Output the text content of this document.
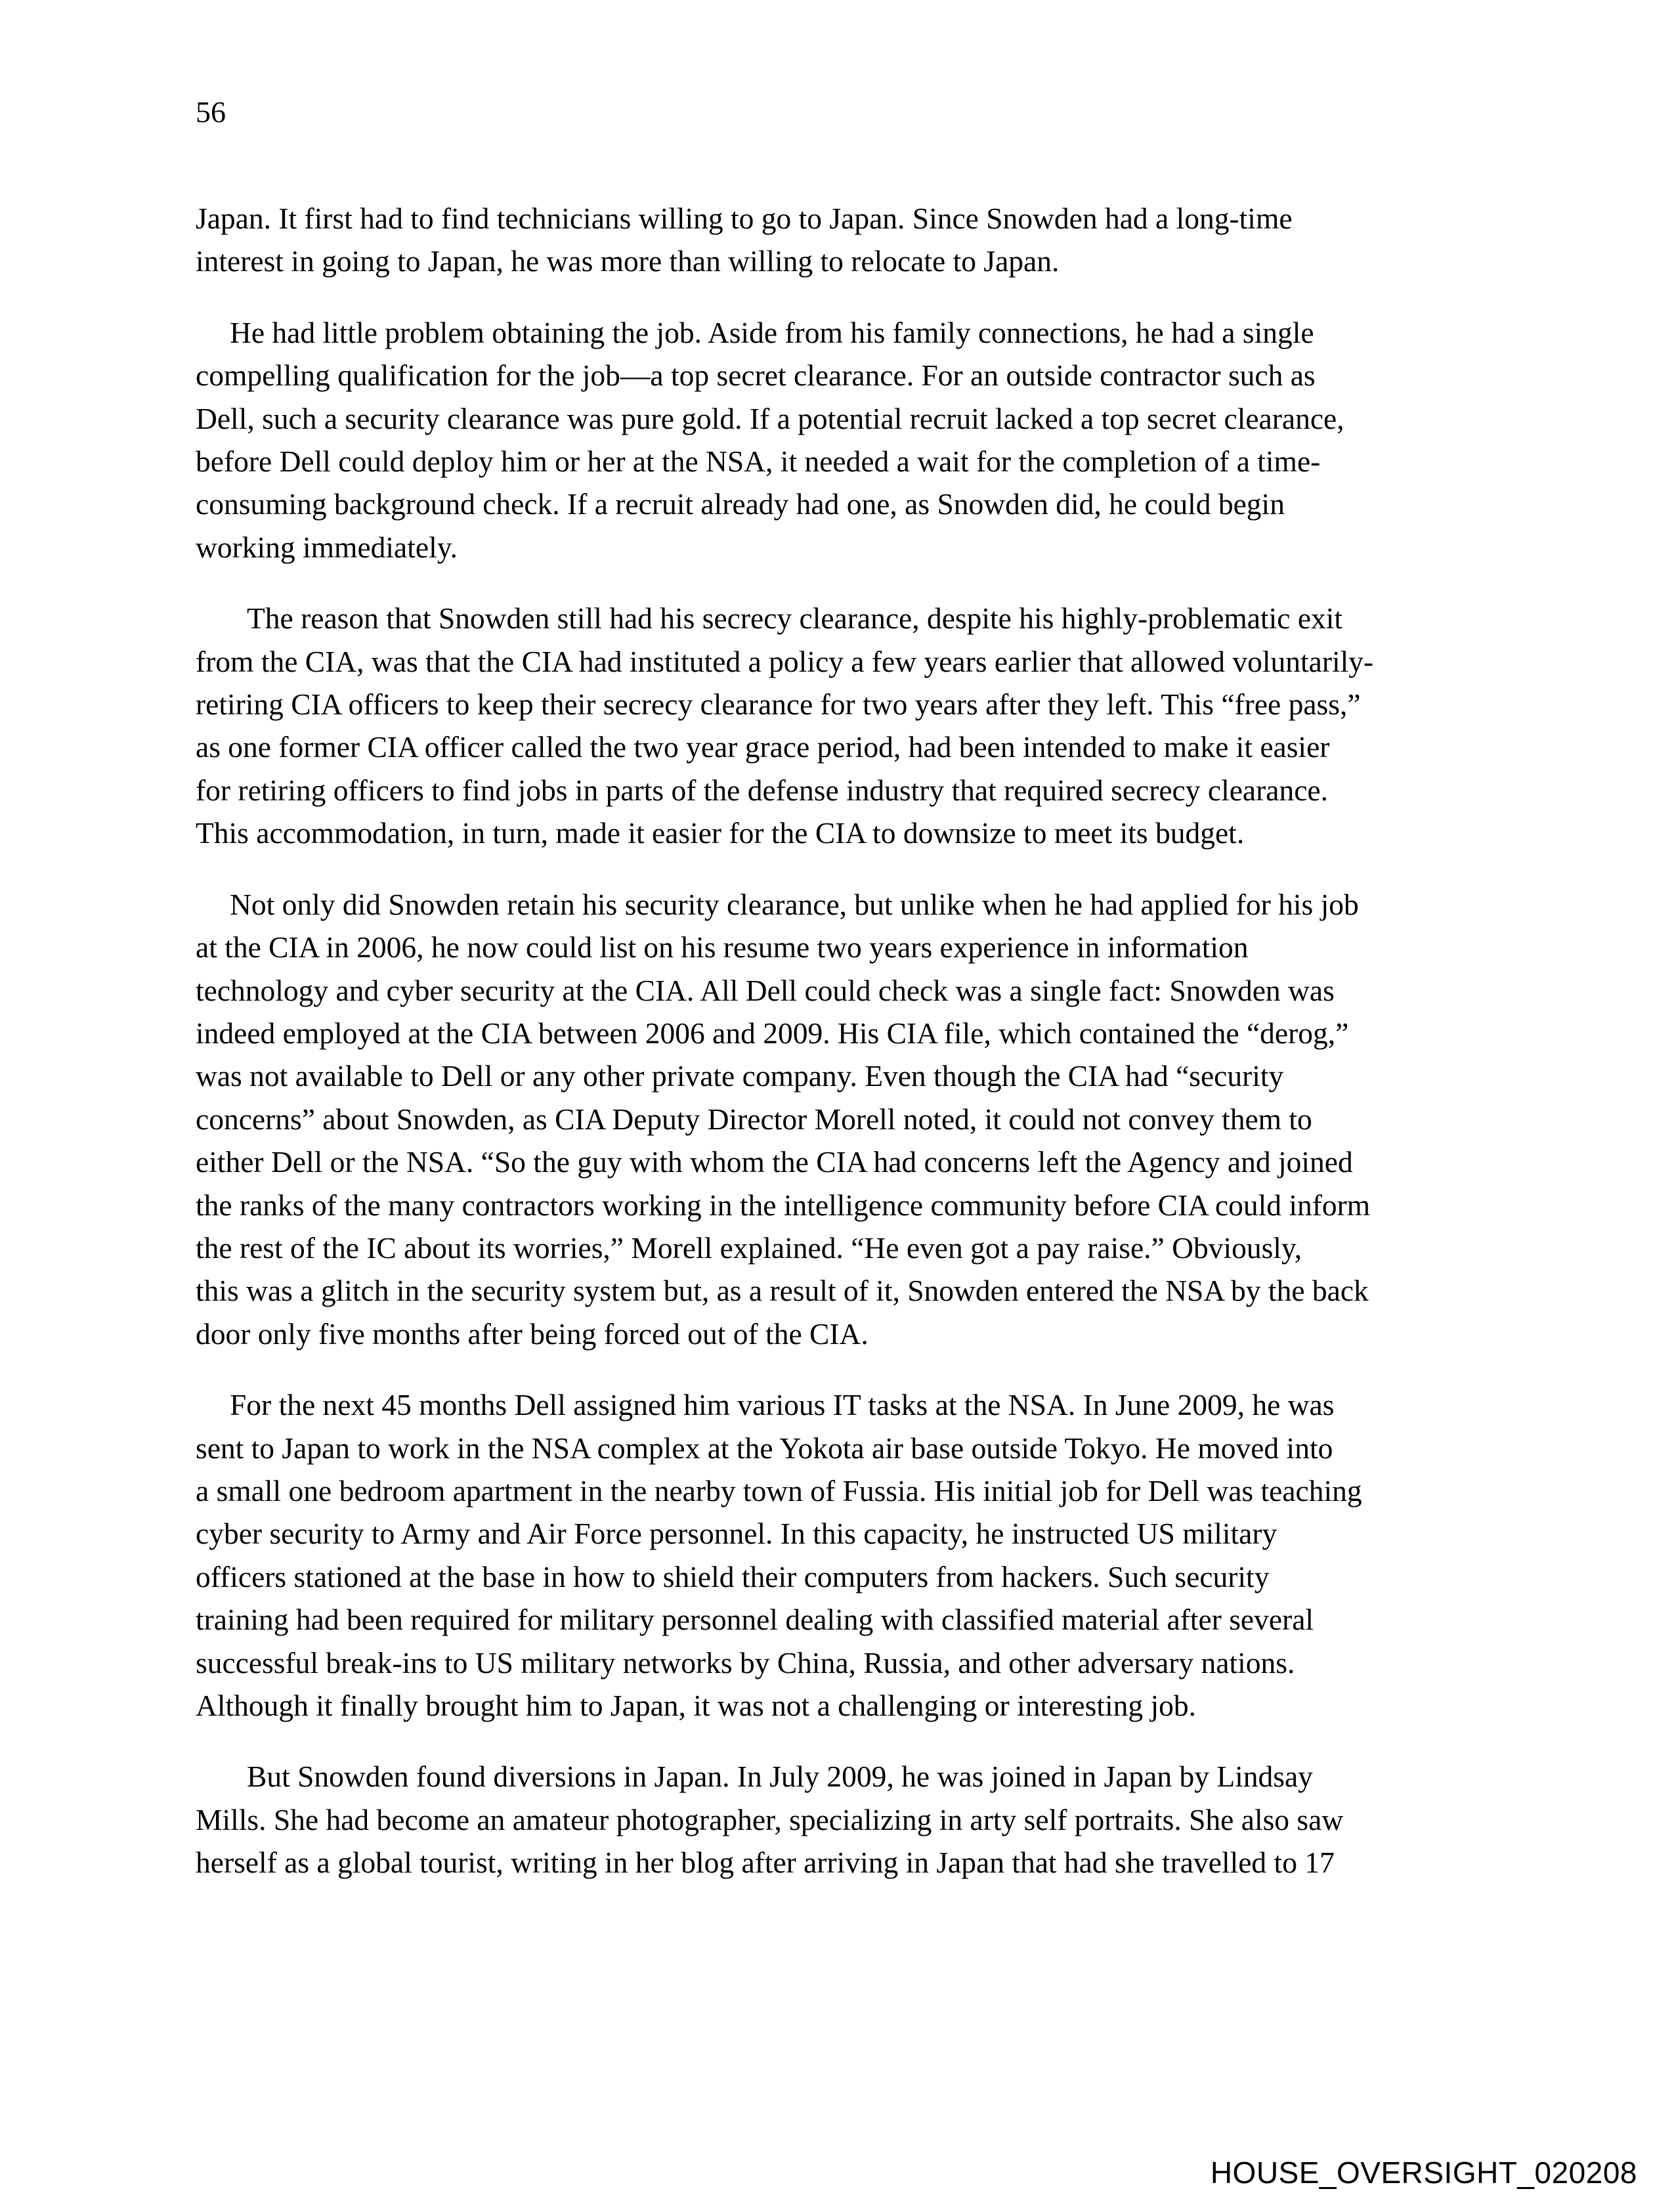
56

Japan. It first had to find technicians willing to go to Japan. Since Snowden had a long-time
interest in going to Japan, he was more than willing to relocate to Japan.

He had little problem obtaining the job. Aside from his family connections, he had a single
compelling qualification for the job—a top secret clearance. For an outside contractor such as
Dell, such a security clearance was pure gold. If a potential recruit lacked a top secret clearance,
before Dell could deploy him or her at the NSA, it needed a wait for the completion of a time-
consuming background check. If a recruit already had one, as Snowden did, he could begin
working immediately.

The reason that Snowden still had his secrecy clearance, despite his highly-problematic exit
from the CIA, was that the CIA had instituted a policy a few years earlier that allowed voluntarily-
retiring CIA officers to keep their secrecy clearance for two years after they left. This “free pass,”
as one former CIA officer called the two year grace period, had been intended to make it easier
for retiring officers to find jobs in parts of the defense industry that required secrecy clearance.
This accommodation, in turn, made it easier for the CIA to downsize to meet its budget.

Not only did Snowden retain his security clearance, but unlike when he had applied for his job
at the CIA in 2006, he now could list on his resume two years experience in information
technology and cyber security at the CIA. All Dell could check was a single fact: Snowden was
indeed employed at the CIA between 2006 and 2009. His CIA file, which contained the “derog,”
was not available to Dell or any other private company. Even though the CIA had “security
concerns” about Snowden, as CIA Deputy Director Morell noted, it could not convey them to
either Dell or the NSA. “So the guy with whom the CIA had concerns left the Agency and joined
the ranks of the many contractors working in the intelligence community before CIA could inform
the rest of the IC about its worries,” Morell explained. “He even got a pay raise.” Obviously,
this was a glitch in the security system but, as a result of it, Snowden entered the NSA by the back
door only five months after being forced out of the CIA.

For the next 45 months Dell assigned him various IT tasks at the NSA. In June 2009, he was
sent to Japan to work in the NSA complex at the Yokota air base outside Tokyo. He moved into
a small one bedroom apartment in the nearby town of Fussia. His initial job for Dell was teaching
cyber security to Army and Air Force personnel. In this capacity, he instructed US military
officers stationed at the base in how to shield their computers from hackers. Such security
training had been required for military personnel dealing with classified material after several
successful break-ins to US military networks by China, Russia, and other adversary nations.
Although it finally brought him to Japan, it was not a challenging or interesting job.

But Snowden found diversions in Japan. In July 2009, he was joined in Japan by Lindsay
Mills. She had become an amateur photographer, specializing in arty self portraits. She also saw
herself as a global tourist, writing in her blog after arriving in Japan that had she travelled to 17

HOUSE_OVERSIGHT_020208
